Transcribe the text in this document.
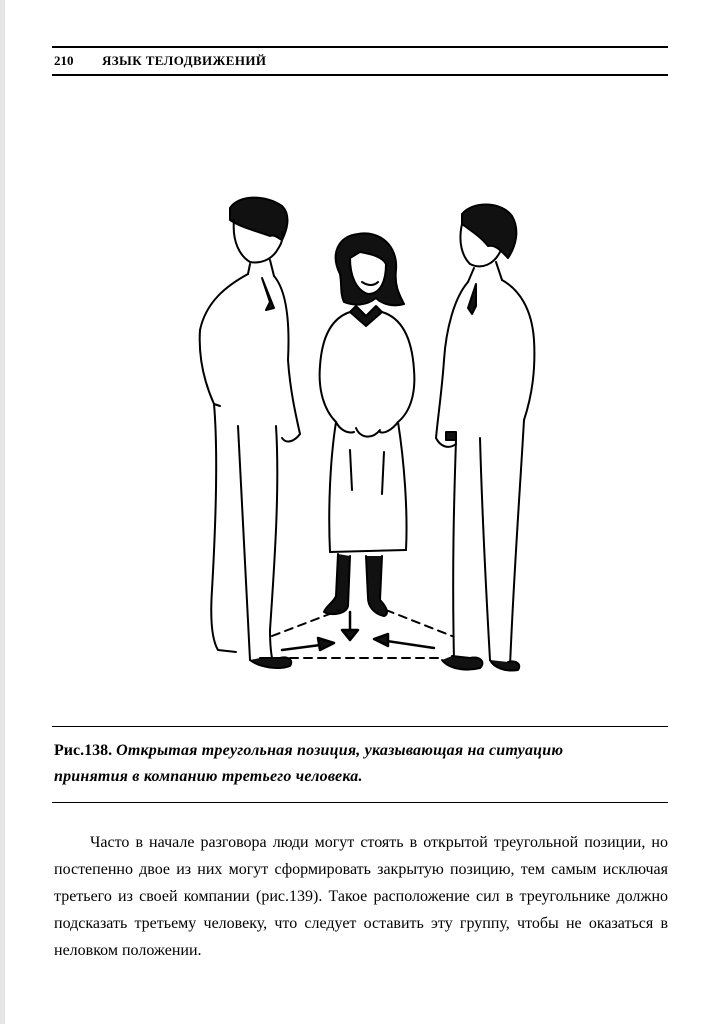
210 ЯЗЫК ТЕЛОДВИЖЕНИЙ
Рис.138. Открытая треугольная позиция, указывающая на ситуацию принятия в компанию третьего человека.

Часто в начале разговора люди могут стоять в открытой треугольной позиции, но постепенно двое из них могут сформировать закрытую позицию, тем самым исключая третьего из своей компании (рис.139). Такое расположение сил в треугольнике должно подсказать третьему человеку, что следует оставить эту группу, чтобы не оказаться в неловком положении.
